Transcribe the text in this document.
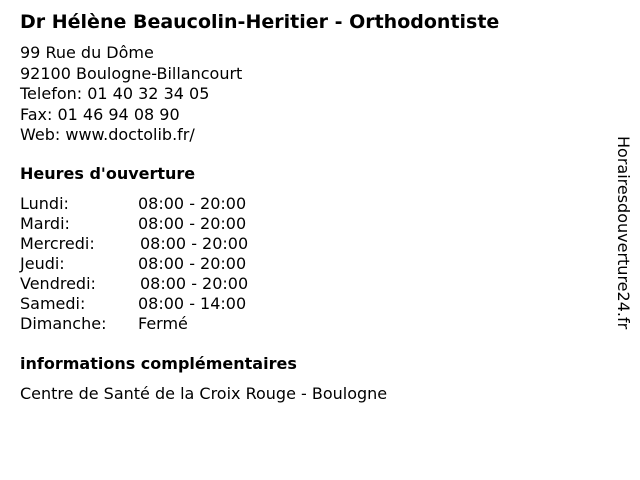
Dr Hélène Beaucolin-Heritier - Orthodontiste
99 Rue du Dôme
92100 Boulogne-Billancourt
Telefon: 01 40 32 34 05
Fax: 01 46 94 08 90
Web: www.doctolib.fr/
Heures d'ouverture
Lundi:	08:00 - 20:00
Mardi:	08:00 - 20:00
Mercredi:	08:00 - 20:00
Jeudi:	08:00 - 20:00
Vendredi:	08:00 - 20:00
Samedi:	08:00 - 14:00
Dimanche:	Fermé
informations complémentaires
Centre de Santé de la Croix Rouge - Boulogne
Horairesdouverture24.fr
